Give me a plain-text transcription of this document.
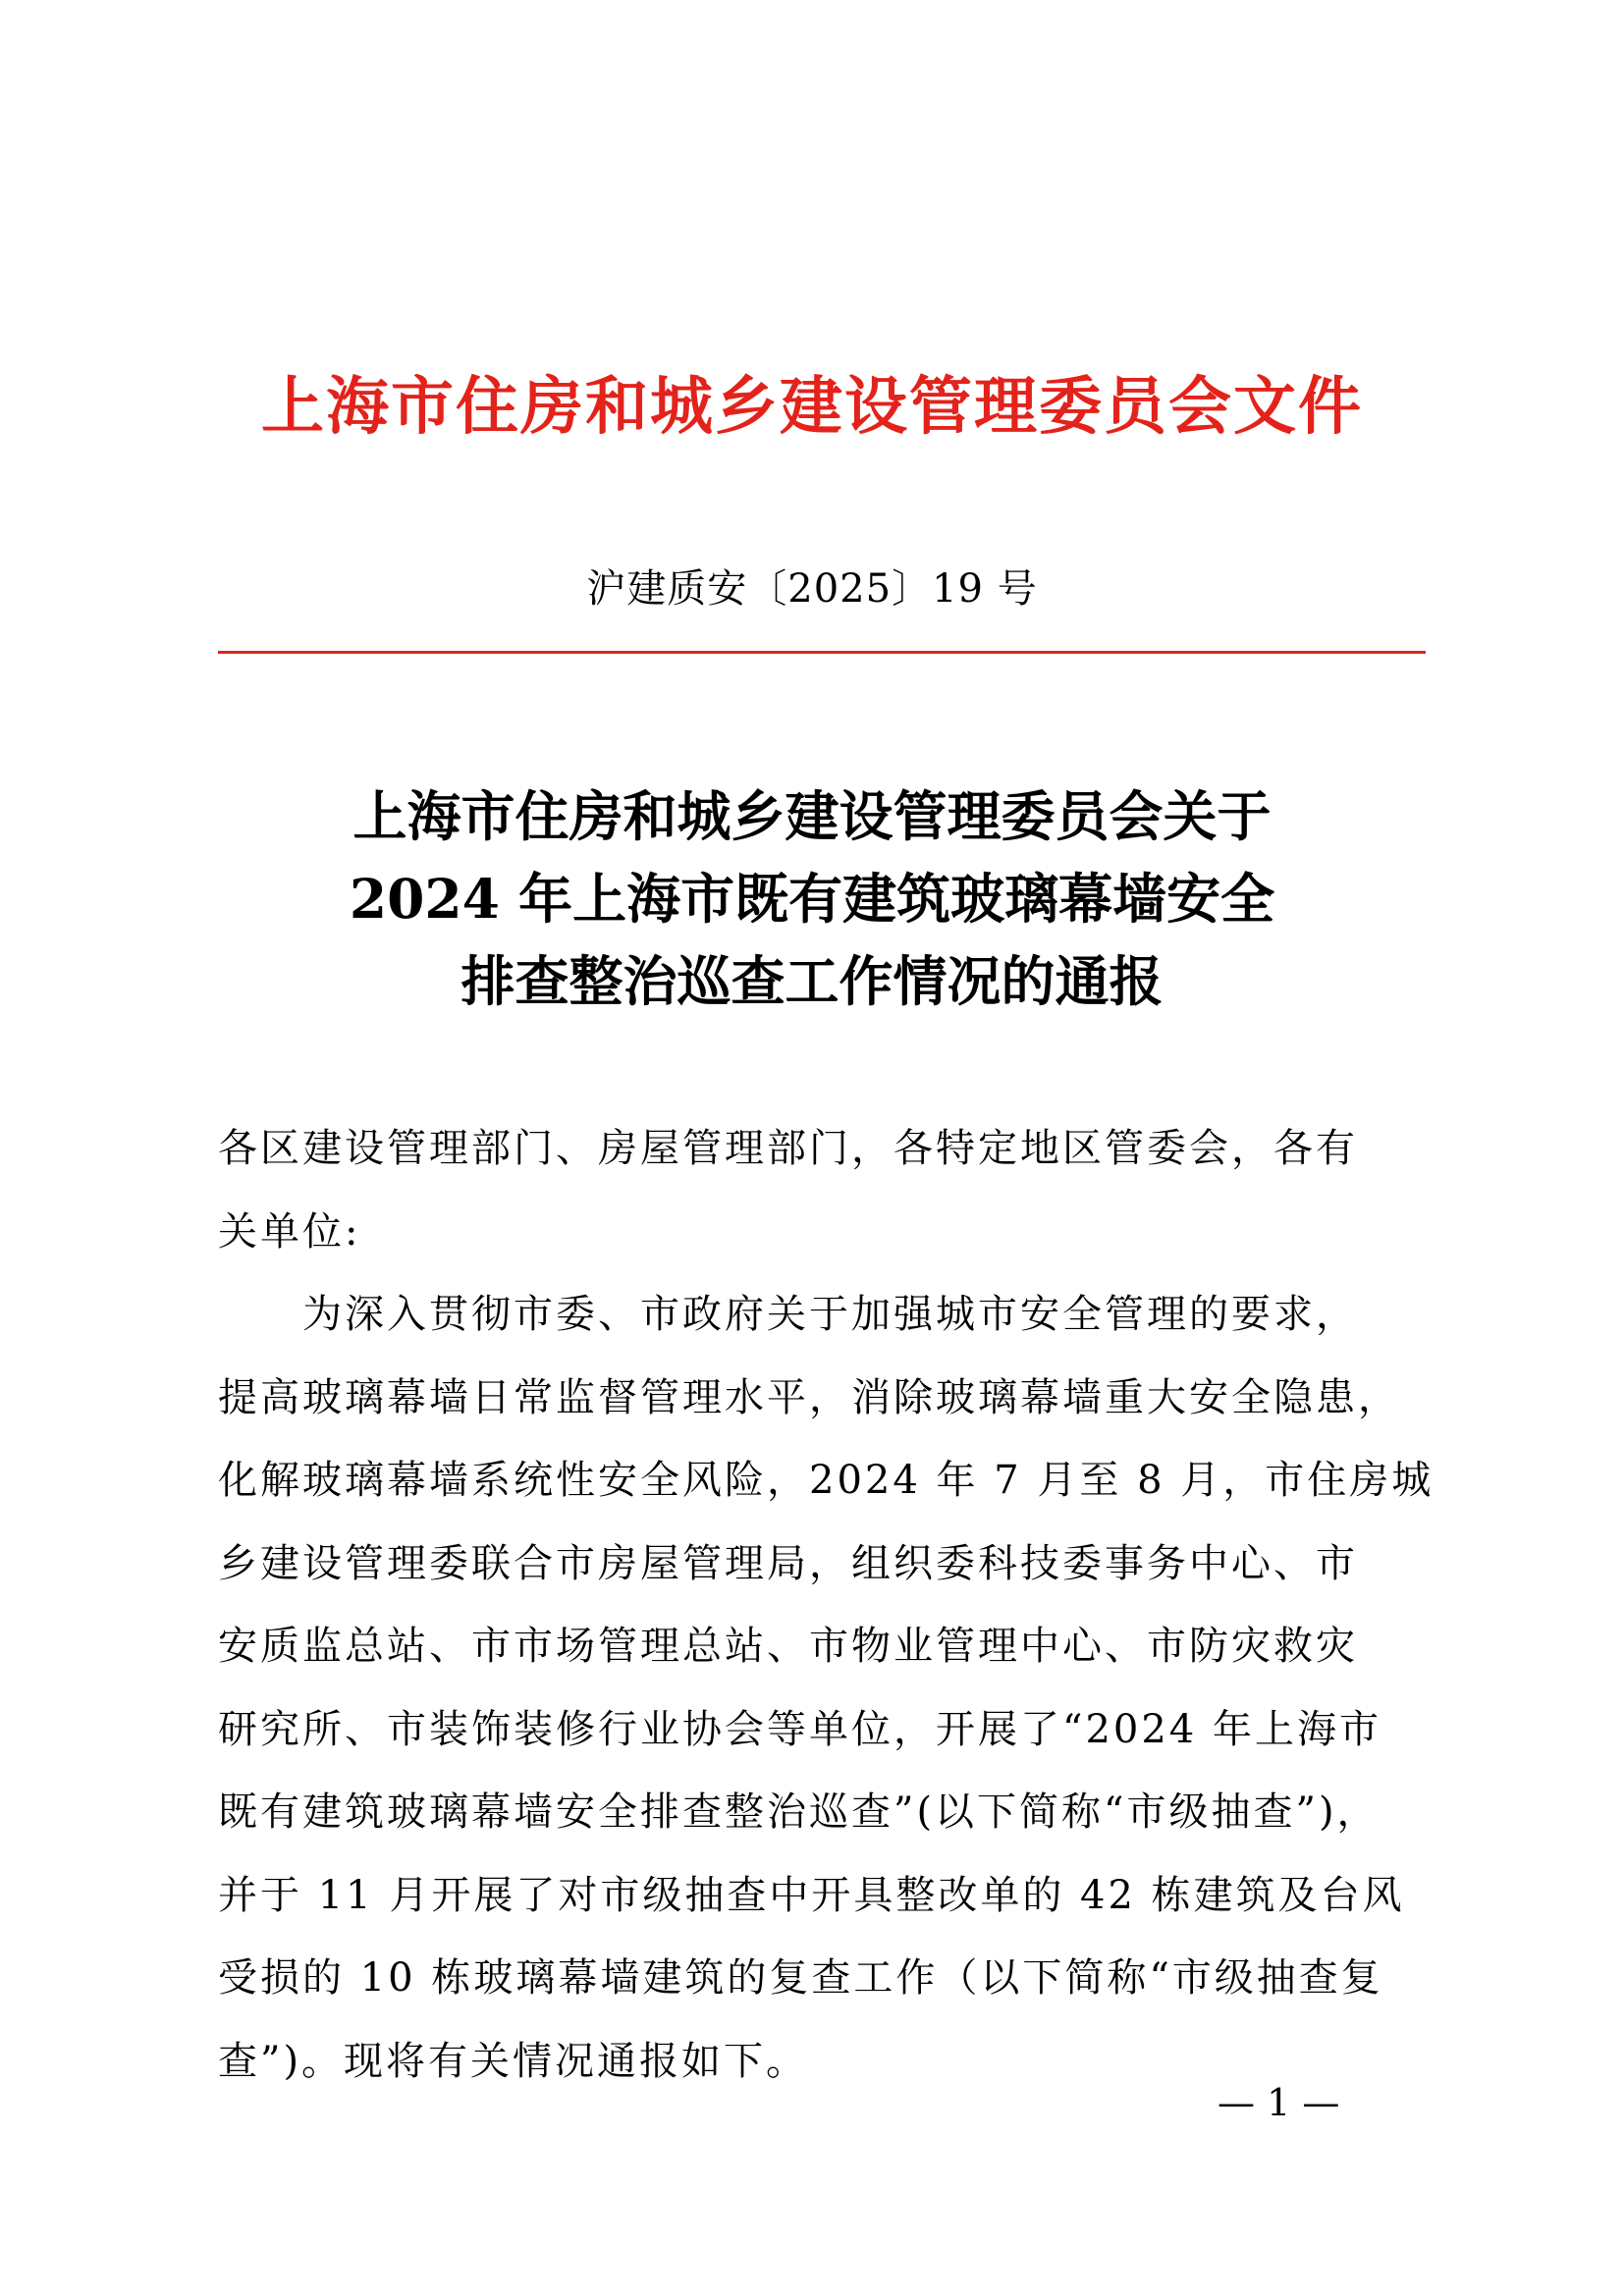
上海市住房和城乡建设管理委员会文件
沪建质安〔2025〕19 号
上海市住房和城乡建设管理委员会关于
2024 年上海市既有建筑玻璃幕墙安全
排查整治巡查工作情况的通报
各区建设管理部门、房屋管理部门，各特定地区管委会，各有
关单位:
　　为深入贯彻市委、市政府关于加强城市安全管理的要求，
提高玻璃幕墙日常监督管理水平，消除玻璃幕墙重大安全隐患，
化解玻璃幕墙系统性安全风险，2024 年 7 月至 8 月，市住房城
乡建设管理委联合市房屋管理局，组织委科技委事务中心、市
安质监总站、市市场管理总站、市物业管理中心、市防灾救灾
研究所、市装饰装修行业协会等单位，开展了“2024 年上海市
既有建筑玻璃幕墙安全排查整治巡查”(以下简称“市级抽查”)，
并于 11 月开展了对市级抽查中开具整改单的 42 栋建筑及台风
受损的 10 栋玻璃幕墙建筑的复查工作（以下简称“市级抽查复
查”)。现将有关情况通报如下。
— 1 —
